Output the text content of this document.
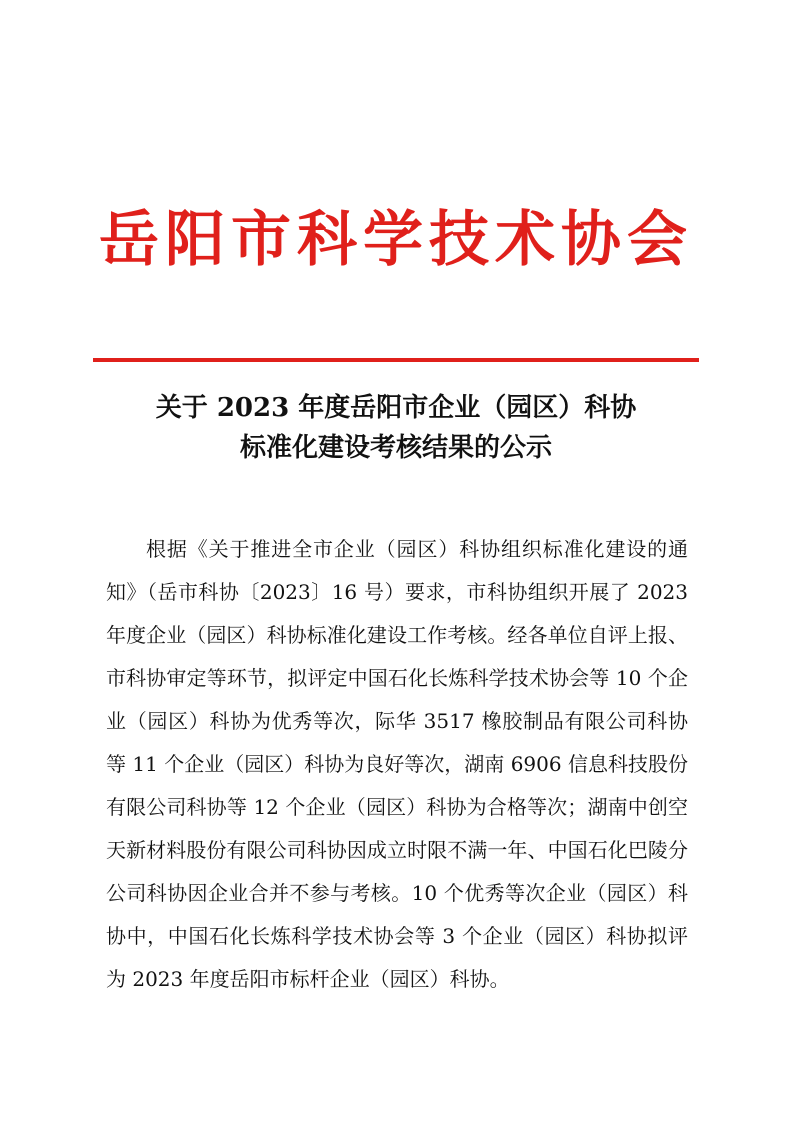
岳阳市科学技术协会
关于 2023 年度岳阳市企业（园区）科协
标准化建设考核结果的公示

根据《关于推进全市企业（园区）科协组织标准化建设的通知》（岳市科协〔2023〕16 号）要求，市科协组织开展了 2023 年度企业（园区）科协标准化建设工作考核。经各单位自评上报、市科协审定等环节，拟评定中国石化长炼科学技术协会等 10 个企业（园区）科协为优秀等次，际华 3517 橡胶制品有限公司科协等 11 个企业（园区）科协为良好等次，湖南 6906 信息科技股份有限公司科协等 12 个企业（园区）科协为合格等次；湖南中创空天新材料股份有限公司科协因成立时限不满一年、中国石化巴陵分公司科协因企业合并不参与考核。10 个优秀等次企业（园区）科协中，中国石化长炼科学技术协会等 3 个企业（园区）科协拟评为 2023 年度岳阳市标杆企业（园区）科协。
